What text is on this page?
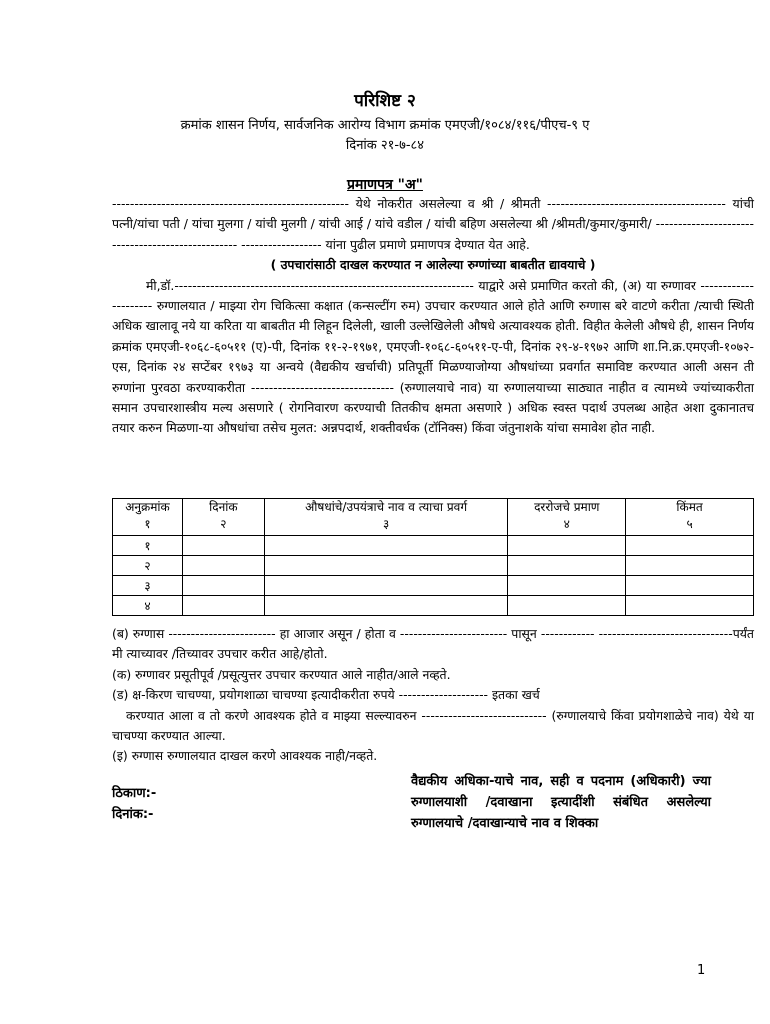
परिशिष्ट २
क्रमांक शासन निर्णय, सार्वजनिक आरोग्य विभाग क्रमांक एमएजी/१०८४/११६/पीएच-९ ए
दिनांक २१-७-८४
प्रमाणपत्र "अ"

----------------------------------------------------- येथे नोकरीत असलेल्या व श्री / श्रीमती ---------------------------------------- यांची पत्नी/यांचा पती / यांचा मुलगा / यांची मुलगी / यांची आई / यांचे वडील / यांची बहिण असलेल्या श्री /श्रीमती/कुमार/कुमारी/ -------------------------------------------------- ------------------ यांना पुढील प्रमाणे प्रमाणपत्र देण्यात येत आहे.

( उपचारांसाठी दाखल करण्यात न आलेल्या रुग्णांच्या बाबतीत द्यावयाचे )

मी,डॉ.------------------------------------------------------------------- याद्वारे असे प्रमाणित करतो की, (अ) या रुग्णावर --------------------- रुग्णालयात / माझ्या रोग चिकित्सा कक्षात (कन्सल्टींग रुम) उपचार करण्यात आले होते आणि रुग्णास बरे वाटणे करीता /त्याची स्थिती अधिक खालावू नये या करिता या बाबतीत मी लिहून दिलेली, खाली उल्लेखिलेली औषधे अत्यावश्यक होती. विहीत केलेली औषधे ही, शासन निर्णय क्रमांक एमएजी-१०६८-६०५११ (ए)-पी, दिनांक ११-२-१९७१, एमएजी-१०६८-६०५११-ए-पी, दिनांक २९-४-१९७२ आणि शा.नि.क्र.एमएजी-१०७२-एस, दिनांक २४ सप्टेंबर १९७३ या अन्वये (वैद्यकीय खर्चाची) प्रतिपूर्ती मिळण्याजोग्या औषधांच्या प्रवर्गात समाविष्ट करण्यात आली असन ती रुग्णांना पुरवठा करण्याकरीता -------------------------------- (रुग्णालयाचे नाव) या रुग्णालयाच्या साठ्यात नाहीत व त्यामध्ये ज्यांच्याकरीता समान उपचारशास्त्रीय मल्य असणारे ( रोगनिवारण करण्याची तितकीच क्षमता असणारे ) अधिक स्वस्त पदार्थ उपलब्ध आहेत अशा दुकानातच तयार करुन मिळणा-या औषधांचा तसेच मुलत: अन्नपदार्थ, शक्तीवर्धक (टॉनिक्स) किंवा जंतुनाशके यांचा समावेश होत नाही.

अनुक्रमांक
१	दिनांक
२	औषधांचे/उपयंत्राचे नाव व त्याचा प्रवर्ग
३	दररोजचे प्रमाण
४	किंमत
५
१				
२				
३				
४				

(ब) रुग्णास ------------------------ हा आजार असून / होता व ------------------------ पासून ------------ ------------------------------पर्यंत मी त्याच्यावर /तिच्यावर उपचार करीत आहे/होतो.

(क) रुग्णावर प्रसूतीपूर्व /प्रसूत्युत्तर उपचार करण्यात आले नाहीत/आले नव्हते.

(ड) क्ष-किरण चाचण्या, प्रयोगशाळा चाचण्या इत्यादीकरीता रुपये -------------------- इतका खर्च

करण्यात आला व तो करणे आवश्यक होते व माझ्या सल्ल्यावरुन ---------------------------- (रुग्णालयाचे किंवा प्रयोगशाळेचे नाव) येथे या चाचण्या करण्यात आल्या.

(इ) रुग्णास रुग्णालयात दाखल करणे आवश्यक नाही/नव्हते.

ठिकाण:-
दिनांक:-
वैद्यकीय अधिका-याचे नाव, सही व पदनाम (अधिकारी) ज्या रुग्णालयाशी /दवाखाना इत्यादींशी संबंधित असलेल्या रुग्णालयाचे /दवाखान्याचे नाव व शिक्का
1
